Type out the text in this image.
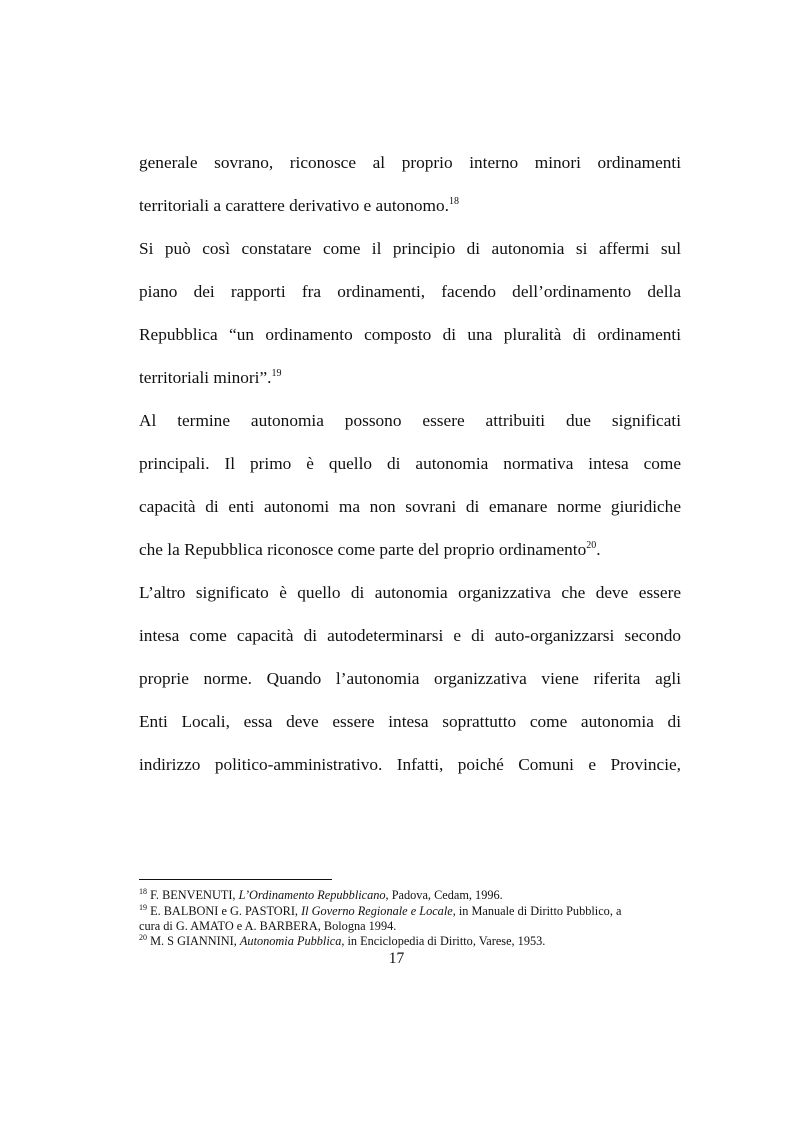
generale sovrano, riconosce al proprio interno minori ordinamenti
territoriali a carattere derivativo e autonomo.$^{18}$
Si può così constatare come il principio di autonomia si affermi sul
piano dei rapporti fra ordinamenti, facendo dell’ordinamento della
Repubblica “un ordinamento composto di una pluralità di ordinamenti
territoriali minori”.$^{19}$
Al termine autonomia possono essere attribuiti due significati
principali. Il primo è quello di autonomia normativa intesa come
capacità di enti autonomi ma non sovrani di emanare norme giuridiche
che la Repubblica riconosce come parte del proprio ordinamento$^{20}$.
L’altro significato è quello di autonomia organizzativa che deve essere
intesa come capacità di autodeterminarsi e di auto-organizzarsi secondo
proprie norme. Quando l’autonomia organizzativa viene riferita agli
Enti Locali, essa deve essere intesa soprattutto come autonomia di
indirizzo politico-amministrativo. Infatti, poiché Comuni e Provincie,
$^{18}$ F. BENVENUTI, L’Ordinamento Repubblicano, Padova, Cedam, 1996.
$^{19}$ E. BALBONI e G. PASTORI, Il Governo Regionale e Locale, in Manuale di Diritto Pubblico, a
cura di G. AMATO e A. BARBERA, Bologna 1994.
$^{20}$ M. S GIANNINI, Autonomia Pubblica, in Enciclopedia di Diritto, Varese, 1953.
17
